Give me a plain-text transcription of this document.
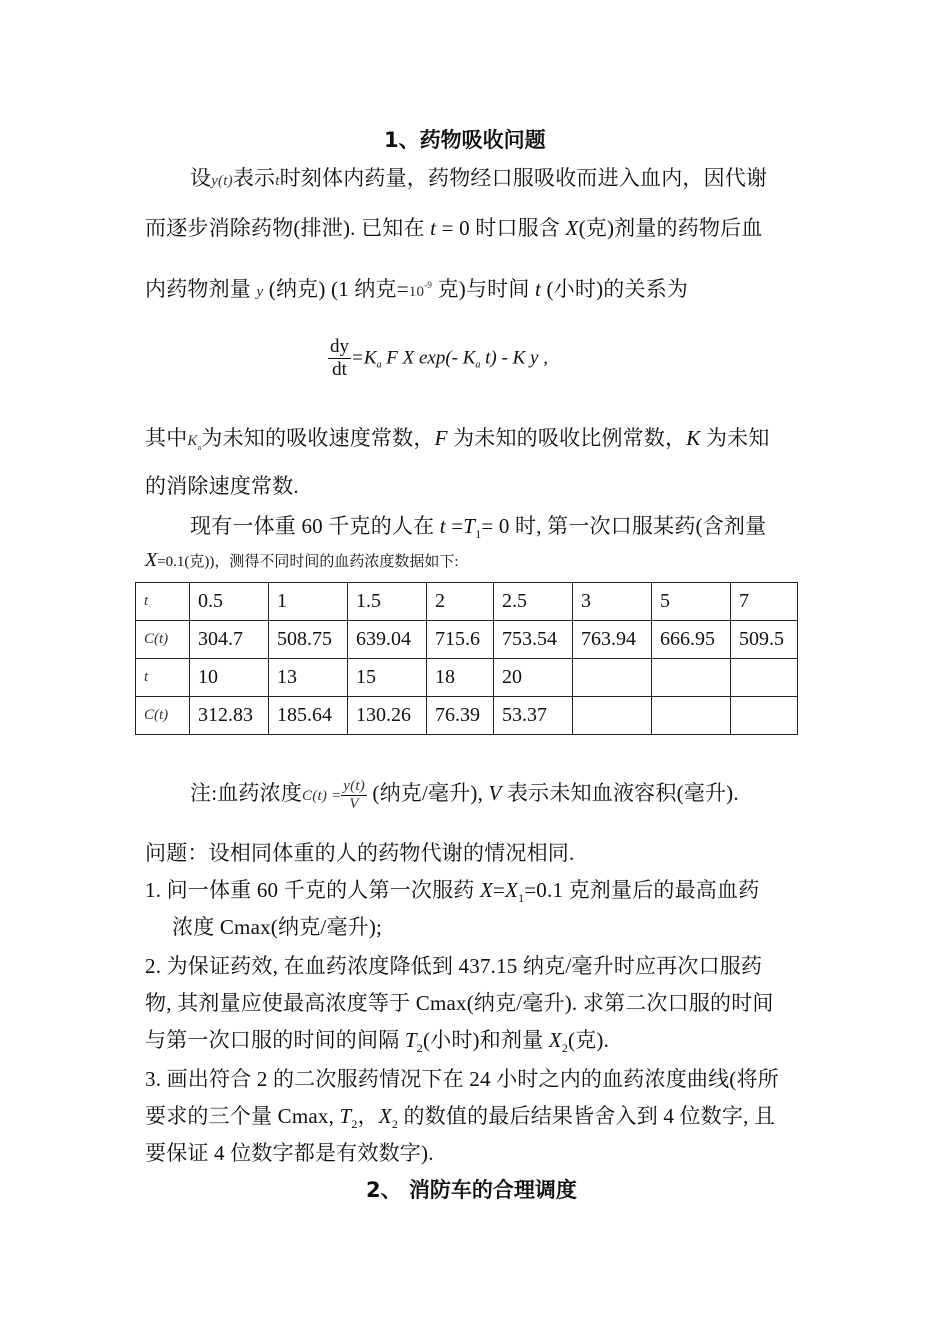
1、药物吸收问题
设y(t)表示t时刻体内药量，药物经口服吸收而进入血内，因代谢
而逐步消除药物(排泄). 已知在 t = 0 时口服含 X(克)剂量的药物后血
内药物剂量 y (纳克) (1 纳克$=10^{-9}$ 克)与时间 t (小时)的关系为
$\frac{dy}{dt} =K_a$ F X exp(- $K_a$ t) - K y ,
其中$K_a$为未知的吸收速度常数，F 为未知的吸收比例常数，K 为未知
的消除速度常数.
现有一体重 60 千克的人在 $t =T_1= 0$ 时, 第一次口服某药(含剂量
X=0.1(克))，测得不同时间的血药浓度数据如下:
t	0.5	1	1.5	2	2.5	3	5	7
C(t)	304.7	508.75	639.04	715.6	753.54	763.94	666.95	509.5
t	10	13	15	18	20			
C(t)	312.83	185.64	130.26	76.39	53.37			
注:血药浓度$C(t) = \frac{y(t)}{V}$ (纳克/毫升), V 表示未知血液容积(毫升).
问题：设相同体重的人的药物代谢的情况相同.
1. 问一体重 60 千克的人第一次服药 $X=X_1=0.1$ 克剂量后的最高血药
浓度 Cmax(纳克/毫升);
2. 为保证药效, 在血药浓度降低到 437.15 纳克/毫升时应再次口服药
物, 其剂量应使最高浓度等于 Cmax(纳克/毫升). 求第二次口服的时间
与第一次口服的时间的间隔 $T_2$(小时)和剂量 $X_2$(克).
3. 画出符合 2 的二次服药情况下在 24 小时之内的血药浓度曲线(将所
要求的三个量 Cmax, $T_2$，$X_2$ 的数值的最后结果皆舍入到 4 位数字, 且
要保证 4 位数字都是有效数字).
2、 消防车的合理调度
